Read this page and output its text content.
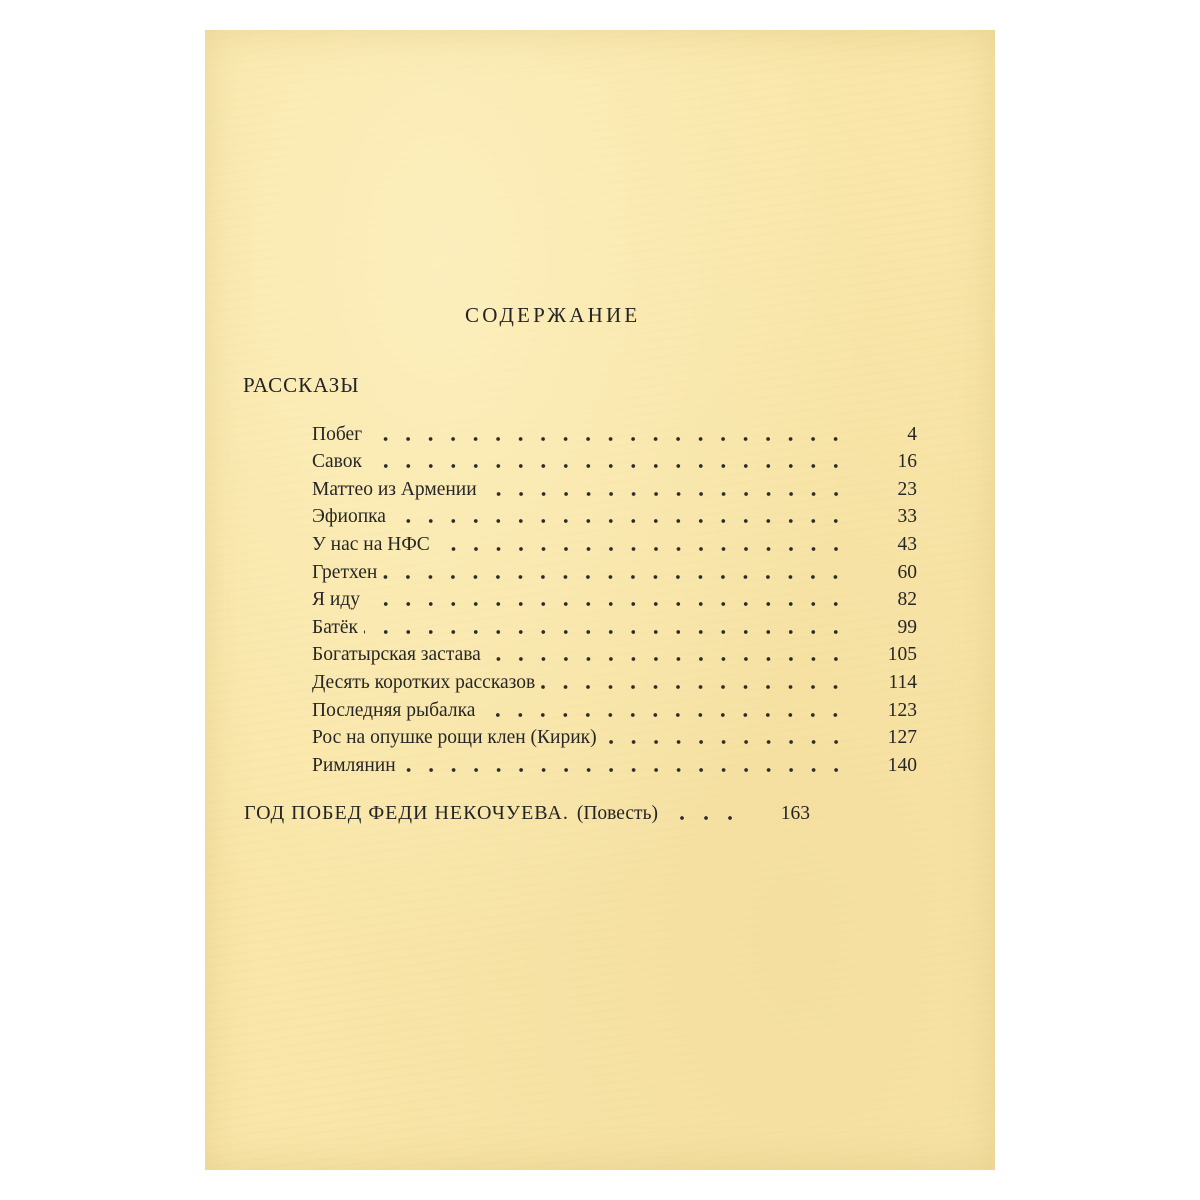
СОДЕРЖАНИЕ
РАССКАЗЫ
Побег	4
Савок	16
Маттео из Армении	23
Эфиопка	33
У нас на НФС	43
Гретхен	60
Я иду	82
Батёк	99
Богатырская застава	105
Десять коротких рассказов	114
Последняя рыбалка	123
Рос на опушке рощи клен (Кирик)	127
Римлянин	140
ГОД ПОБЕД ФЕДИ НЕКОЧУЕВА. (Повесть)	163
